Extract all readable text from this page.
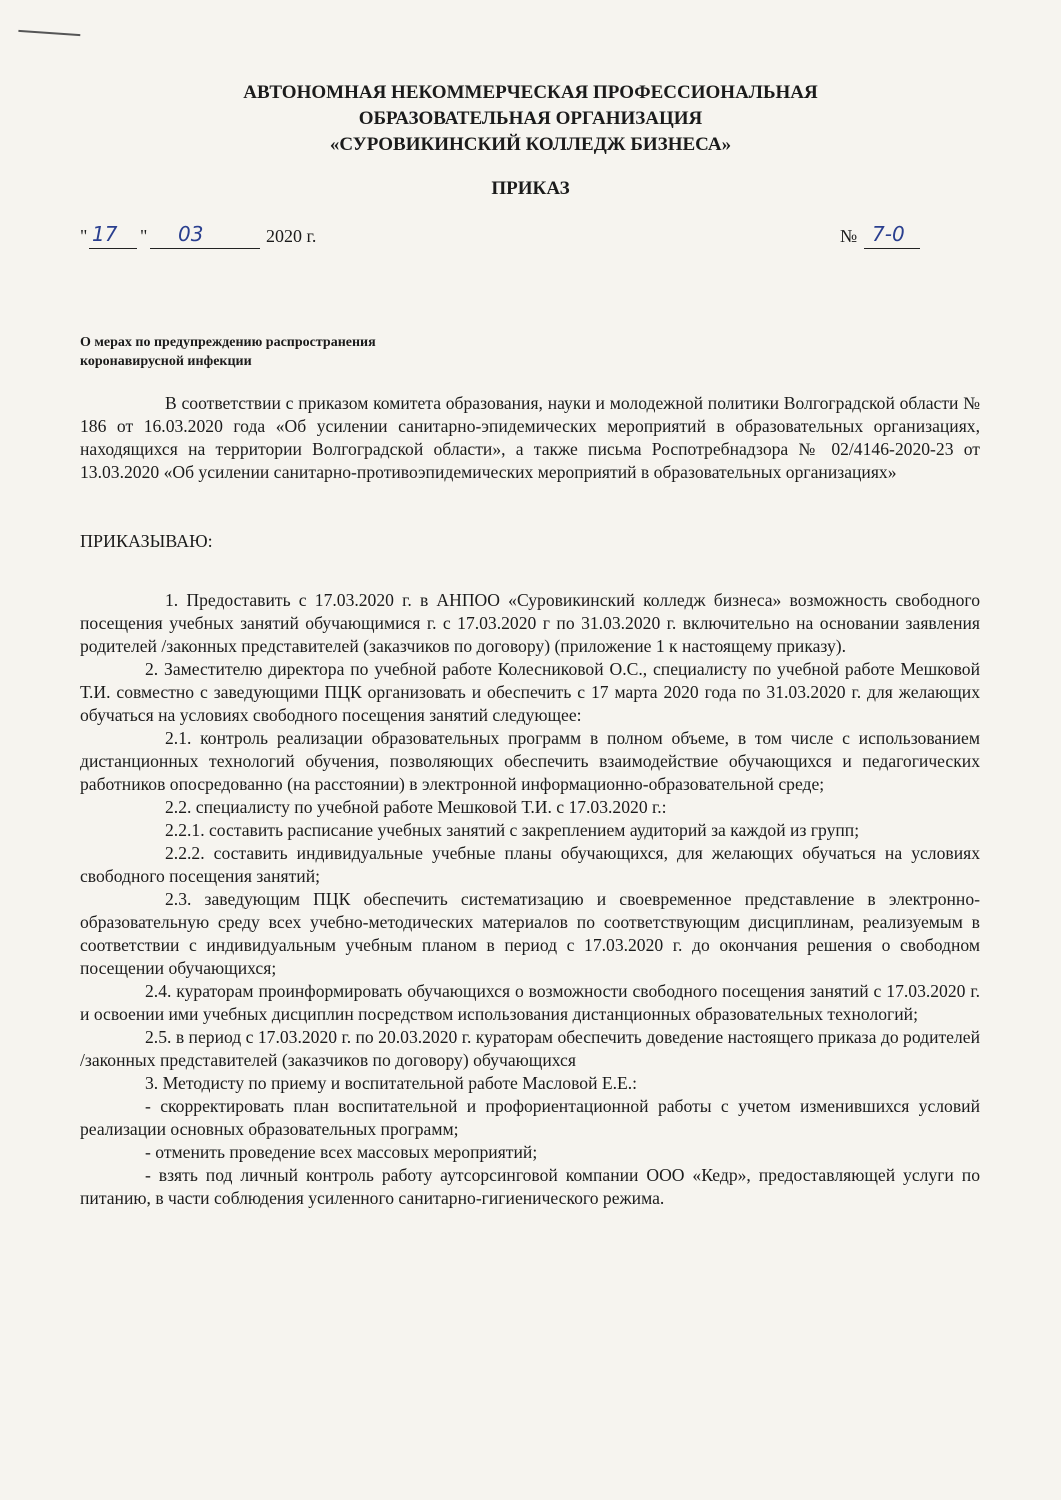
АВТОНОМНАЯ НЕКОММЕРЧЕСКАЯ ПРОФЕССИОНАЛЬНАЯ
ОБРАЗОВАТЕЛЬНАЯ ОРГАНИЗАЦИЯ
«СУРОВИКИНСКИЙ КОЛЛЕДЖ БИЗНЕСА»
ПРИКАЗ
" 17 " 03	2020 г.	№ 7-0
О мерах по предупреждению распространения
коронавирусной инфекции

В соответствии с приказом комитета образования, науки и молодежной политики Волгоградской области № 186 от 16.03.2020 года «Об усилении санитарно-эпидемических мероприятий в образовательных организациях, находящихся на территории Волгоградской области», а также письма Роспотребнадзора № 02/4146-2020-23 от 13.03.2020 «Об усилении санитарно-противоэпидемических мероприятий в образовательных организациях»

ПРИКАЗЫВАЮ:

1. Предоставить с 17.03.2020 г. в АНПОО «Суровикинский колледж бизнеса» возможность свободного посещения учебных занятий обучающимися г. с 17.03.2020 г по 31.03.2020 г. включительно на основании заявления родителей /законных представителей (заказчиков по договору) (приложение 1 к настоящему приказу).

2. Заместителю директора по учебной работе Колесниковой О.С., специалисту по учебной работе Мешковой Т.И. совместно с заведующими ПЦК организовать и обеспечить с 17 марта 2020 года по 31.03.2020 г. для желающих обучаться на условиях свободного посещения занятий следующее:

2.1. контроль реализации образовательных программ в полном объеме, в том числе с использованием дистанционных технологий обучения, позволяющих обеспечить взаимодействие обучающихся и педагогических работников опосредованно (на расстоянии) в электронной информационно-образовательной среде;

2.2. специалисту по учебной работе Мешковой Т.И. с 17.03.2020 г.:

2.2.1. составить расписание учебных занятий с закреплением аудиторий за каждой из групп;

2.2.2. составить индивидуальные учебные планы обучающихся, для желающих обучаться на условиях свободного посещения занятий;

2.3. заведующим ПЦК обеспечить систематизацию и своевременное представление в электронно-образовательную среду всех учебно-методических материалов по соответствующим дисциплинам, реализуемым в соответствии с индивидуальным учебным планом в период с 17.03.2020 г. до окончания решения о свободном посещении обучающихся;

2.4. кураторам проинформировать обучающихся о возможности свободного посещения занятий с 17.03.2020 г. и освоении ими учебных дисциплин посредством использования дистанционных образовательных технологий;

2.5. в период с 17.03.2020 г. по 20.03.2020 г. кураторам обеспечить доведение настоящего приказа до родителей /законных представителей (заказчиков по договору) обучающихся

3. Методисту по приему и воспитательной работе Масловой Е.Е.:

- скорректировать план воспитательной и профориентационной работы с учетом изменившихся условий реализации основных образовательных программ;

- отменить проведение всех массовых мероприятий;

- взять под личный контроль работу аутсорсинговой компании ООО «Кедр», предоставляющей услуги по питанию, в части соблюдения усиленного санитарно-гигиенического режима.
